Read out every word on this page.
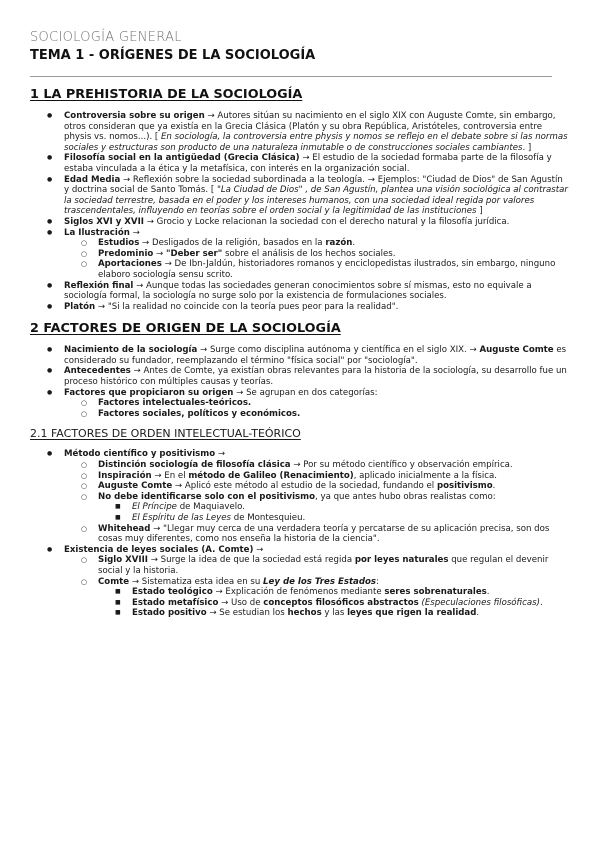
SOCIOLOGÍA GENERAL
TEMA 1 - ORÍGENES DE LA SOCIOLOGÍA
1 LA PREHISTORIA DE LA SOCIOLOGÍA
● Controversia sobre su origen → Autores sitúan su nacimiento en el siglo XIX con Auguste Comte, sin embargo, otros consideran que ya existía en la Grecia Clásica (Platón y su obra República, Aristóteles, controversia entre physis vs. nomos...). [ En sociología, la controversia entre physis y nomos se reflejo en el debate sobre si las normas sociales y estructuras son producto de una naturaleza inmutable o de construcciones sociales cambiantes. ]
● Filosofía social en la antigüedad (Grecia Clásica) → El estudio de la sociedad formaba parte de la filosofía y estaba vinculada a la ética y la metafísica, con interés en la organización social.
● Edad Media → Reflexión sobre la sociedad subordinada a la teología. → Ejemplos: "Ciudad de Dios" de San Agustín y doctrina social de Santo Tomás. [ "La Ciudad de Dios" , de San Agustín, plantea una visión sociológica al contrastar la sociedad terrestre, basada en el poder y los intereses humanos, con una sociedad ideal regida por valores trascendentales, influyendo en teorías sobre el orden social y la legitimidad de las instituciones ]
● Siglos XVI y XVII → Grocio y Locke relacionan la sociedad con el derecho natural y la filosofía jurídica.
● La Ilustración →
○ Estudios → Desligados de la religión, basados en la razón.
○ Predominio → "Deber ser" sobre el análisis de los hechos sociales.
○ Aportaciones → De Ibn-Jaldún, historiadores romanos y enciclopedistas ilustrados, sin embargo, ninguno elaboro sociología sensu scrito.
● Reflexión final → Aunque todas las sociedades generan conocimientos sobre sí mismas, esto no equivale a sociología formal, la sociología no surge solo por la existencia de formulaciones sociales.
● Platón → "Si la realidad no coincide con la teoría pues peor para la realidad".
2 FACTORES DE ORIGEN DE LA SOCIOLOGÍA
● Nacimiento de la sociología → Surge como disciplina autónoma y científica en el siglo XIX. → Auguste Comte es considerado su fundador, reemplazando el término "física social" por "sociología".
● Antecedentes → Antes de Comte, ya existían obras relevantes para la historia de la sociología, su desarrollo fue un proceso histórico con múltiples causas y teorías.
● Factores que propiciaron su origen → Se agrupan en dos categorías:
○ Factores intelectuales-teóricos.
○ Factores sociales, políticos y económicos.
2.1 FACTORES DE ORDEN INTELECTUAL-TEÓRICO
● Método científico y positivismo →
○ Distinción sociología de filosofía clásica → Por su método científico y observación empírica.
○ Inspiración → En el método de Galileo (Renacimiento), aplicado inicialmente a la física.
○ Auguste Comte → Aplicó este método al estudio de la sociedad, fundando el positivismo.
○ No debe identificarse solo con el positivismo, ya que antes hubo obras realistas como:
■ El Príncipe de Maquiavelo.
■ El Espíritu de las Leyes de Montesquieu.
○ Whitehead → "Llegar muy cerca de una verdadera teoría y percatarse de su aplicación precisa, son dos cosas muy diferentes, como nos enseña la historia de la ciencia".
● Existencia de leyes sociales (A. Comte) →
○ Siglo XVIII → Surge la idea de que la sociedad está regida por leyes naturales que regulan el devenir social y la historia.
○ Comte → Sistematiza esta idea en su Ley de los Tres Estados:
■ Estado teológico → Explicación de fenómenos mediante seres sobrenaturales.
■ Estado metafísico → Uso de conceptos filosóficos abstractos (Especulaciones filosóficas).
■ Estado positivo → Se estudian los hechos y las leyes que rigen la realidad.
